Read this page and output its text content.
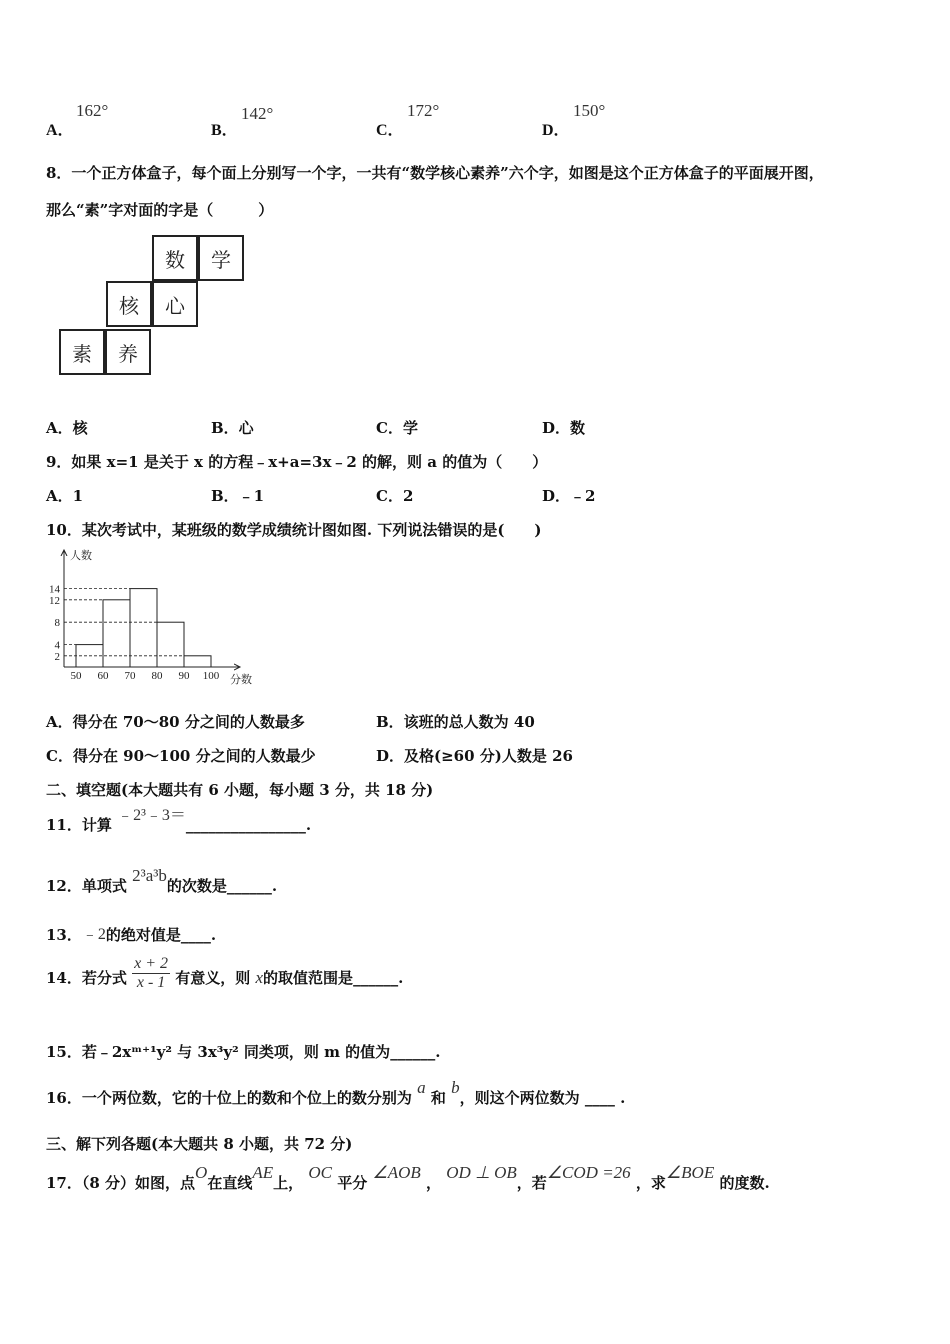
A．
162°
B．
142°
C．
172°
D．
150°
8．一个正方体盒子，每个面上分别写一个字，一共有“数学核心素养”六个字，如图是这个正方体盒子的平面展开图，
那么“素”字对面的字是（　　　）
数	学
核	心
素	养
A．核	B．心	C．学	D．数
9．如果 x=1 是关于 x 的方程﹣x+a=3x﹣2 的解，则 a 的值为（　　）
A．1	B．﹣1	C．2	D．﹣2
10．某次考试中，某班级的数学成绩统计图如图. 下列说法错误的是(　　)
人数
分数
2
4
8
12
14
50 60 70 80 90 100
A．得分在 70～80 分之间的人数最多	B．该班的总人数为 40
C．得分在 90～100 分之间的人数最少	D．及格(≥60 分)人数是 26
二、填空题(本大题共有 6 小题，每小题 3 分，共 18 分)
11．计算 ﹣2³﹣3＝________________.
12．单项式 2³a³b的次数是______.
13．﹣2的绝对值是____.
14．若分式 $\frac{x + 2}{x - 1}$ 有意义，则 x的取值范围是______.
15．若﹣2xᵐ⁺¹y² 与 3x³y² 同类项，则 m 的值为______.
16．一个两位数，它的十位上的数和个位上的数分别为 a 和 b，则这个两位数为 ____ .
三、解下列各题(本大题共 8 小题，共 72 分)
17．（8 分）如图，点O在直线AE上， OC 平分 ∠AOB ， OD ⊥ OB，若∠COD =26 ，求∠BOE 的度数.
